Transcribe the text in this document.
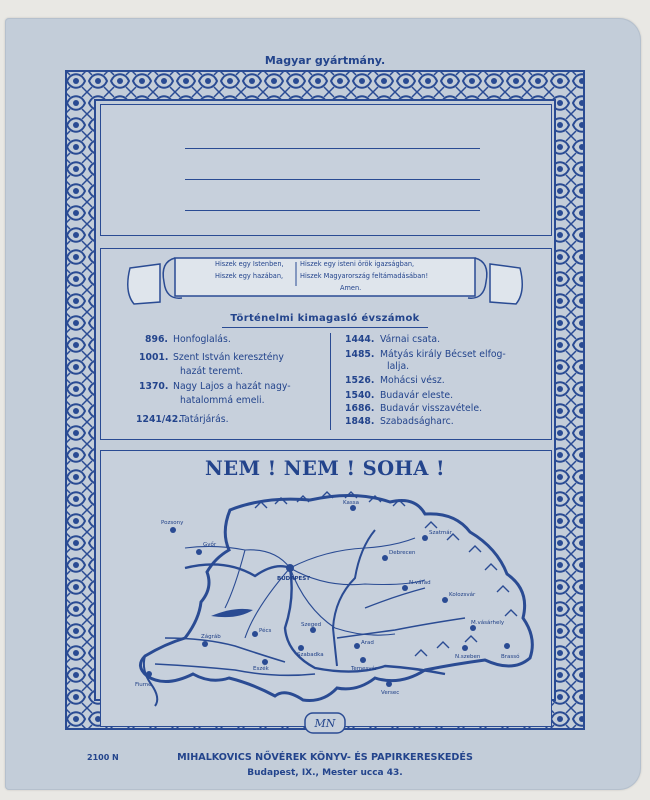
Magyar gyártmány.
Hiszek egy Istenben,
Hiszek egy hazában,
Hiszek egy isteni örök igazságban,
Hiszek Magyarország feltámadásában!
Amen.
Történelmi kimagasló évszámok
896. Honfoglalás.
1001. Szent István keresztény
hazát teremt.
1370. Nagy Lajos a hazát nagy-
hatalommá emeli.
1241/42.
Tatárjárás.
1444. Várnai csata.
1485. Mátyás király Bécset elfog-
lalja.
1526. Mohácsi vész.
1540. Budavár eleste.
1686. Budavár visszavétele.
1848. Szabadságharc.
NEM ! NEM ! SOHA !
Pozsony
Győr
BUDAPEST
Debrecen
Szatmár
N.várad
Kolozsvár
Szeged
Szabadka
Arad
Temesvár
Zágráb
Pécs
Eszék
Fiume
Kassa
M.vásárhely
N.szeben	Brassó
Versec
MN
2100 N	MIHALKOVICS NŐVÉREK KÖNYV- ÉS PAPIRKERESKEDÉS
Budapest, IX., Mester ucca 43.
